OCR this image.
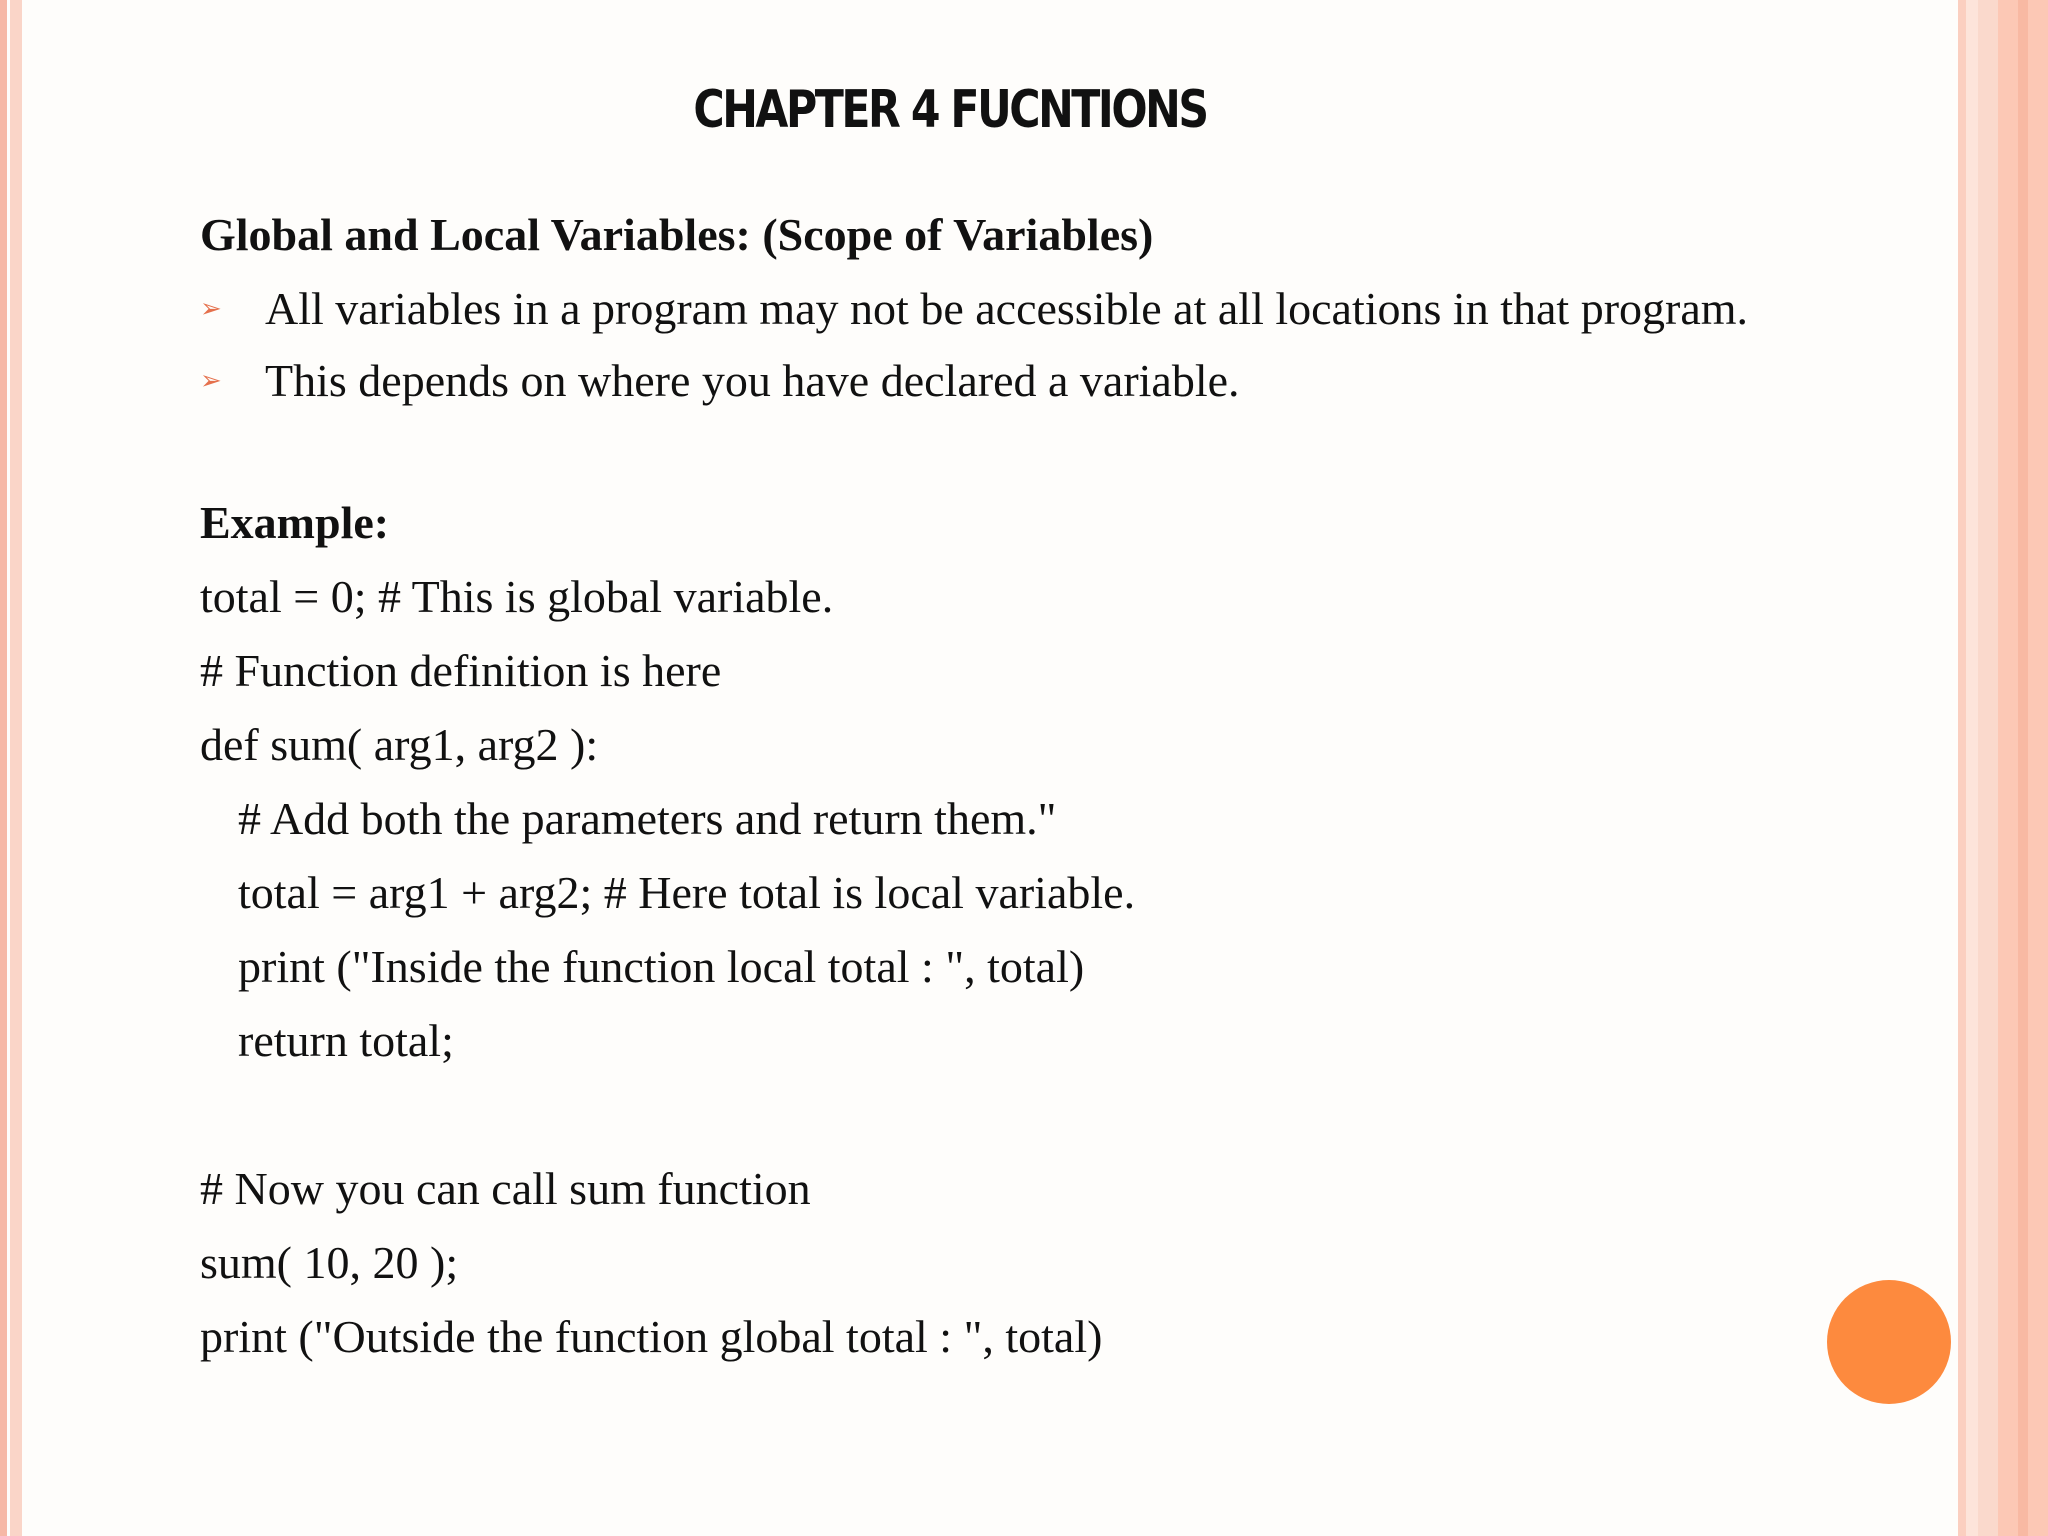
CHAPTER 4 FUCNTIONS
Global and Local Variables: (Scope of Variables)
➢ All variables in a program may not be accessible at all locations in that program.
➢ This depends on where you have declared a variable.
Example:
total = 0; # This is global variable.
# Function definition is here
def sum( arg1, arg2 ):
# Add both the parameters and return them."
total = arg1 + arg2; # Here total is local variable.
print ("Inside the function local total : ", total)
return total;
# Now you can call sum function
sum( 10, 20 );
print ("Outside the function global total : ", total)
